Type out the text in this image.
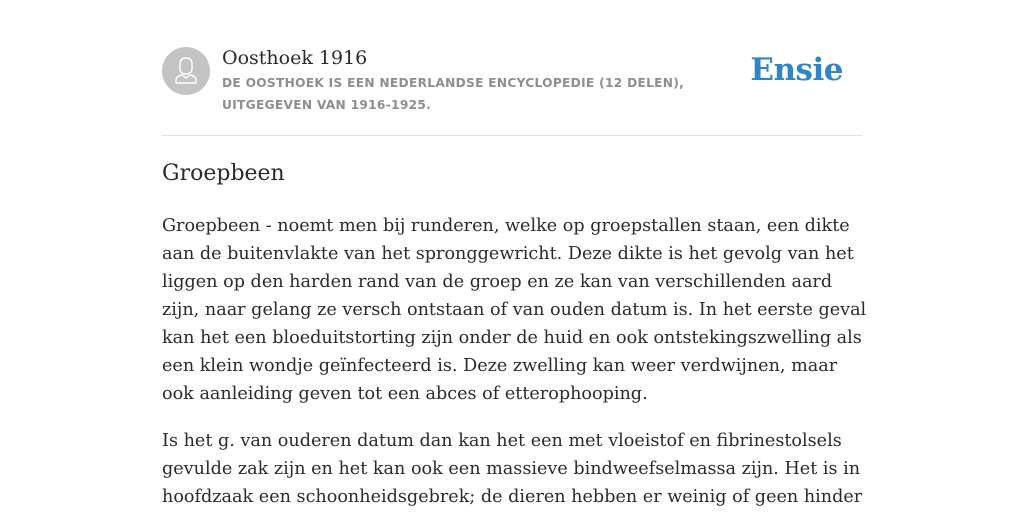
Oosthoek 1916
DE OOSTHOEK IS EEN NEDERLANDSE ENCYCLOPEDIE (12 DELEN), UITGEGEVEN VAN 1916-1925.
Ensie
Groepbeen

Groepbeen - noemt men bij runderen, welke op groepstallen staan, een dikte aan de buitenvlakte van het spronggewricht. Deze dikte is het gevolg van het liggen op den harden rand van de groep en ze kan van verschillenden aard zijn, naar gelang ze versch ontstaan of van ouden datum is. In het eerste geval kan het een bloeduitstorting zijn onder de huid en ook ontstekingszwelling als een klein wondje geïnfecteerd is. Deze zwelling kan weer verdwijnen, maar ook aanleiding geven tot een abces of etterophooping.

Is het g. van ouderen datum dan kan het een met vloeistof en fibrinestolsels gevulde zak zijn en het kan ook een massieve bindweefselmassa zijn. Het is in hoofdzaak een schoonheidsgebrek; de dieren hebben er weinig of geen hinder
